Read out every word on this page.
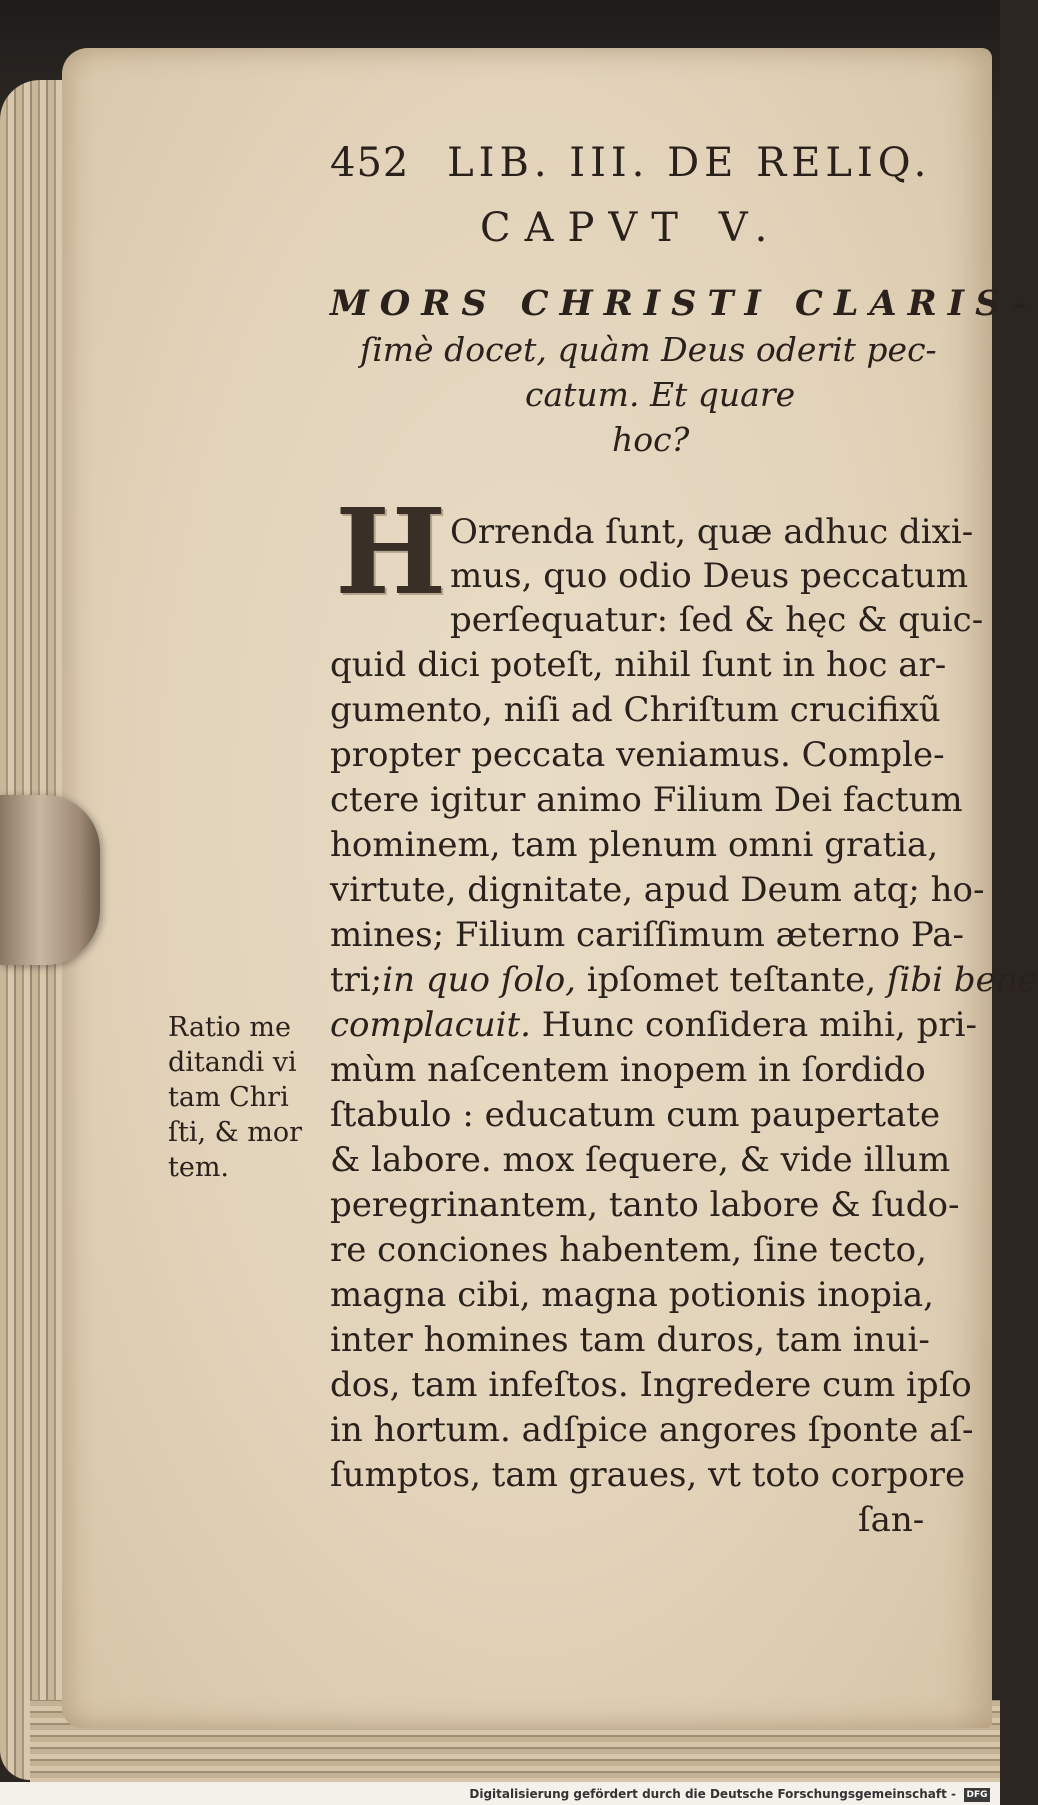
452 LIB. III. DE RELIQ.
CAPVT V.
MORS CHRISTI CLARIS-
ſimè docet, quàm Deus oderit pec-
catum. Et quare
hoc?
H Orrenda ſunt, quæ adhuc dixi-
mus, quo odio Deus peccatum
perſequatur: ſed & hęc & quic-
quid dici poteſt, nihil ſunt in hoc ar-
gumento, niſi ad Chriſtum crucifixũ
propter peccata veniamus. Comple-
ctere igitur animo Filium Dei factum
hominem, tam plenum omni gratia,
virtute, dignitate, apud Deum atq; ho-
mines; Filium cariſſimum æterno Pa-
tri;in quo ſolo, ipſomet teſtante, ſibi bene
complacuit. Hunc conſidera mihi, pri-
mùm naſcentem inopem in ſordido
ſtabulo : educatum cum paupertate
& labore. mox ſequere, & vide illum
peregrinantem, tanto labore & ſudo-
re conciones habentem, ſine tecto,
magna cibi, magna potionis inopia,
inter homines tam duros, tam inui-
dos, tam infeſtos. Ingredere cum ipſo
in hortum. adſpice angores ſponte aſ-
ſumptos, tam graues, vt toto corpore
ſan-
Ratio me
ditandi vi
tam Chri
ſti, & mor
tem.
Digitalisierung gefördert durch die Deutsche Forschungsgemeinschaft - DFG
